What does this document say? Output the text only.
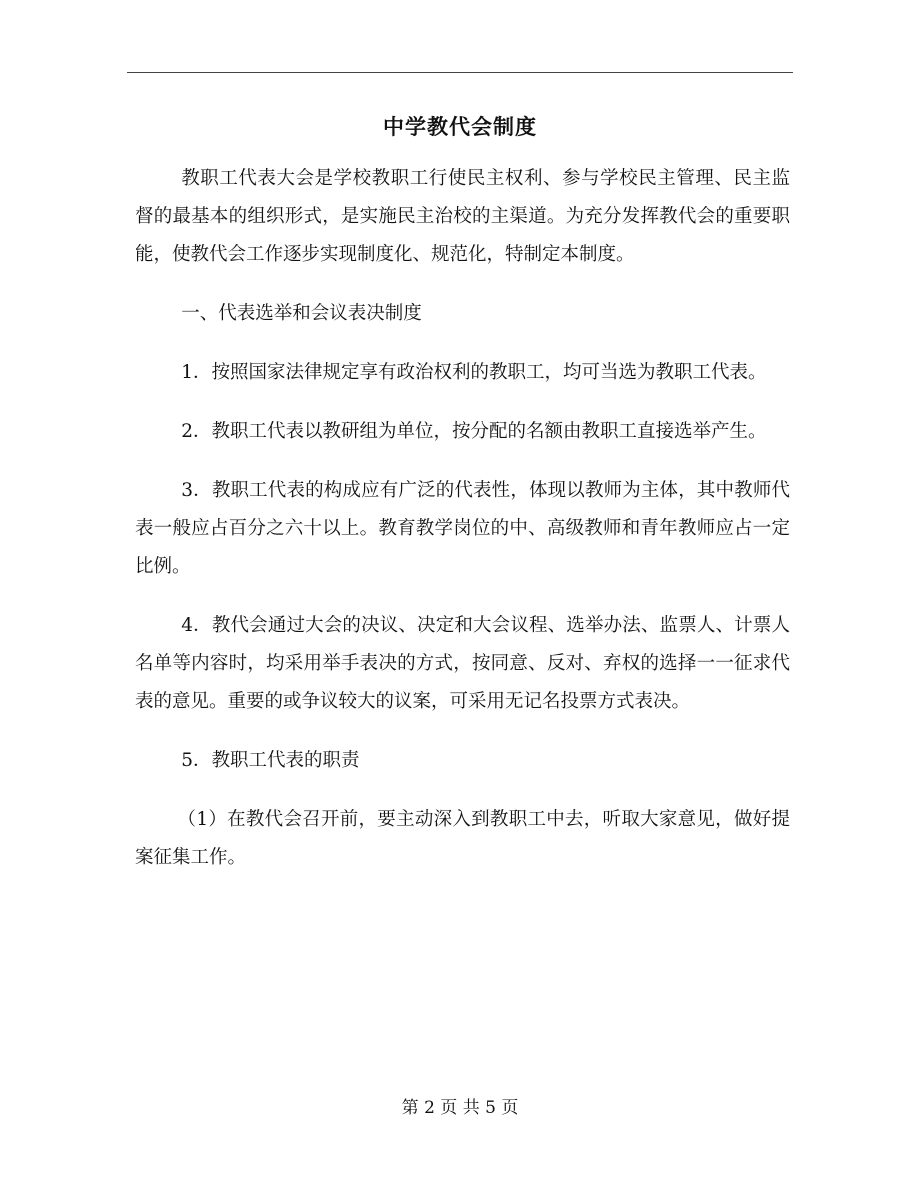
中学教代会制度

教职工代表大会是学校教职工行使民主权利、参与学校民主管理、民主监督的最基本的组织形式，是实施民主治校的主渠道。为充分发挥教代会的重要职能，使教代会工作逐步实现制度化、规范化，特制定本制度。

一、代表选举和会议表决制度

1．按照国家法律规定享有政治权利的教职工，均可当选为教职工代表。

2．教职工代表以教研组为单位，按分配的名额由教职工直接选举产生。

3．教职工代表的构成应有广泛的代表性，体现以教师为主体，其中教师代表一般应占百分之六十以上。教育教学岗位的中、高级教师和青年教师应占一定比例。

4．教代会通过大会的决议、决定和大会议程、选举办法、监票人、计票人名单等内容时，均采用举手表决的方式，按同意、反对、弃权的选择一一征求代表的意见。重要的或争议较大的议案，可采用无记名投票方式表决。

5．教职工代表的职责

（1）在教代会召开前，要主动深入到教职工中去，听取大家意见，做好提案征集工作。

第 2 页 共 5 页
